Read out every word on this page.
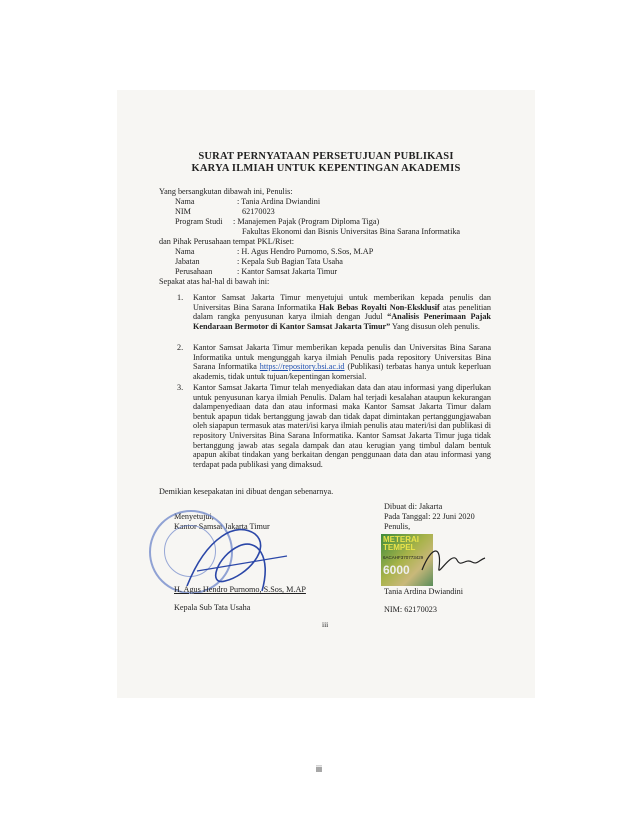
SURAT PERNYATAAN PERSETUJUAN PUBLIKASI
KARYA ILMIAH UNTUK KEPENTINGAN AKADEMIS
Yang bersangkutan dibawah ini, Penulis:
Nama	: Tania Ardina Dwiandini
NIM	62170023
Program Studi : Manajemen Pajak (Program Diploma Tiga)
Fakultas Ekonomi dan Bisnis Universitas Bina Sarana Informatika
dan Pihak Perusahaan tempat PKL/Riset:
Nama	: H. Agus Hendro Purnomo, S.Sos, M.AP
Jabatan	: Kepala Sub Bagian Tata Usaha
Perusahaan	: Kantor Samsat Jakarta Timur
Sepakat atas hal-hal di bawah ini:
1. Kantor Samsat Jakarta Timur menyetujui untuk memberikan kepada penulis dan Universitas Bina Sarana Informatika Hak Bebas Royalti Non-Eksklusif atas penelitian dalam rangka penyusunan karya ilmiah dengan Judul “Analisis Penerimaan Pajak Kendaraan Bermotor di Kantor Samsat Jakarta Timur” Yang disusun oleh penulis.
2. Kantor Samsat Jakarta Timur memberikan kepada penulis dan Universitas Bina Sarana Informatika untuk mengunggah karya ilmiah Penulis pada repository Universitas Bina Sarana Informatika https://repository.bsi.ac.id (Publikasi) terbatas hanya untuk keperluan akademis, tidak untuk tujuan/kepentingan komersial.
3. Kantor Samsat Jakarta Timur telah menyediakan data dan atau informasi yang diperlukan untuk penyusunan karya ilmiah Penulis. Dalam hal terjadi kesalahan ataupun kekurangan dalampenyediaan data dan atau informasi maka Kantor Samsat Jakarta Timur dalam bentuk apapun tidak bertanggung jawab dan tidak dapat dimintakan pertanggungjawaban oleh siapapun termasuk atas materi/isi karya ilmiah penulis atau materi/isi dan publikasi di repository Universitas Bina Sarana Informatika. Kantor Samsat Jakarta Timur juga tidak bertanggung jawab atas segala dampak dan atau kerugian yang timbul dalam bentuk apapun akibat tindakan yang berkaitan dengan penggunaan data dan atau informasi yang terdapat pada publikasi yang dimaksud.
Demikian kesepakatan ini dibuat dengan sebenarnya.
Dibuat di: Jakarta
Pada Tanggal: 22 Juni 2020
Penulis,
Menyetujui,
Kantor Samsat Jakarta Timur
METERAI
TEMPEL
6ACAHF370773429
6000
H. Agus Hendro Purnomo, S.Sos, M.AP
Kepala Sub Tata Usaha
Tania Ardina Dwiandini
NIM: 62170023
iii
iii
